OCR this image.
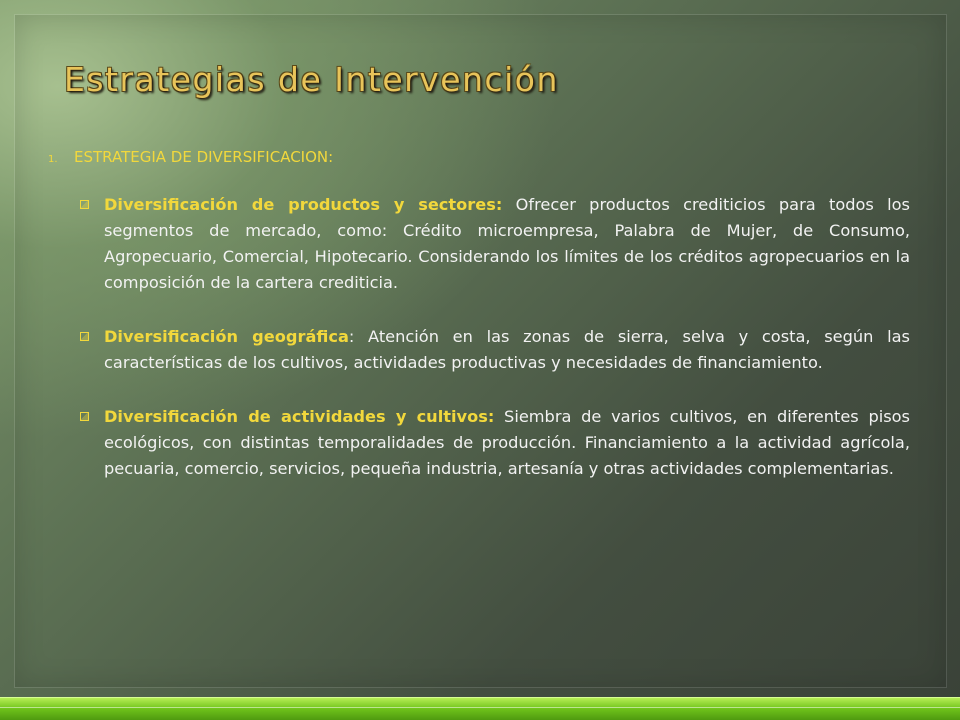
Estrategias de Intervención
1.	ESTRATEGIA DE DIVERSIFICACION:
Diversificación de productos y sectores: Ofrecer productos crediticios para todos los segmentos de mercado, como: Crédito microempresa, Palabra de Mujer, de Consumo, Agropecuario, Comercial, Hipotecario. Considerando los límites de los créditos agropecuarios en la composición de la cartera crediticia.
Diversificación geográfica: Atención en las zonas de sierra, selva y costa, según las características de los cultivos, actividades productivas y necesidades de financiamiento.
Diversificación de actividades y cultivos: Siembra de varios cultivos, en diferentes pisos ecológicos, con distintas temporalidades de producción. Financiamiento a la actividad agrícola, pecuaria, comercio, servicios, pequeña industria, artesanía y otras actividades complementarias.
